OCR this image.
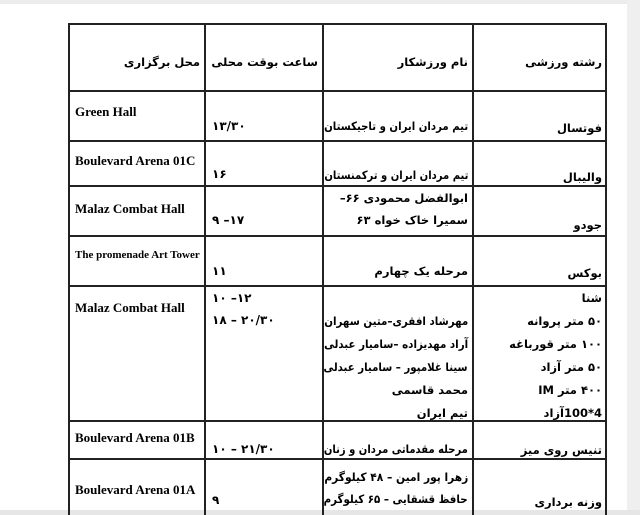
رشته ورزشی
نام ورزشکار
ساعت بوقت محلی
محل برگزاری
فوتسال
تیم مردان ایران و تاجیکستان
۱۳/۳۰
Green Hall
والیبال
تیم مردان ایران و ترکمنستان
۱۶
Boulevard Arena 01C
جودو
ابوالفضل محمودی ۶۶–
سمیرا خاک خواه ۶۳
۹ –۱۷
Malaz Combat Hall
بوکس
مرحله یک چهارم
۱۱
The promenade Art Tower
شنا
۵۰ متر پروانه
۱۰۰ متر قورباغه
۵۰ متر آزاد
۴۰۰ متر IM
4*100آزاد
مهرشاد افقری–متین سهران
آراد مهدیزاده –سامیار عبدلی
سینا غلامپور – سامیار عبدلی
محمد قاسمی
تیم ایران
۱۰ –۱۲
۱۸ – ۲۰/۳۰
Malaz Combat Hall
تنیس روی میز
مرحله مقدماتی مردان و زنان
۱۰ – ۲۱/۳۰
Boulevard Arena 01B
وزنه برداری
زهرا پور امین – ۴۸ کیلوگرم
حافظ قشقایی – ۶۵ کیلوگرم
۹
Boulevard Arena 01A
